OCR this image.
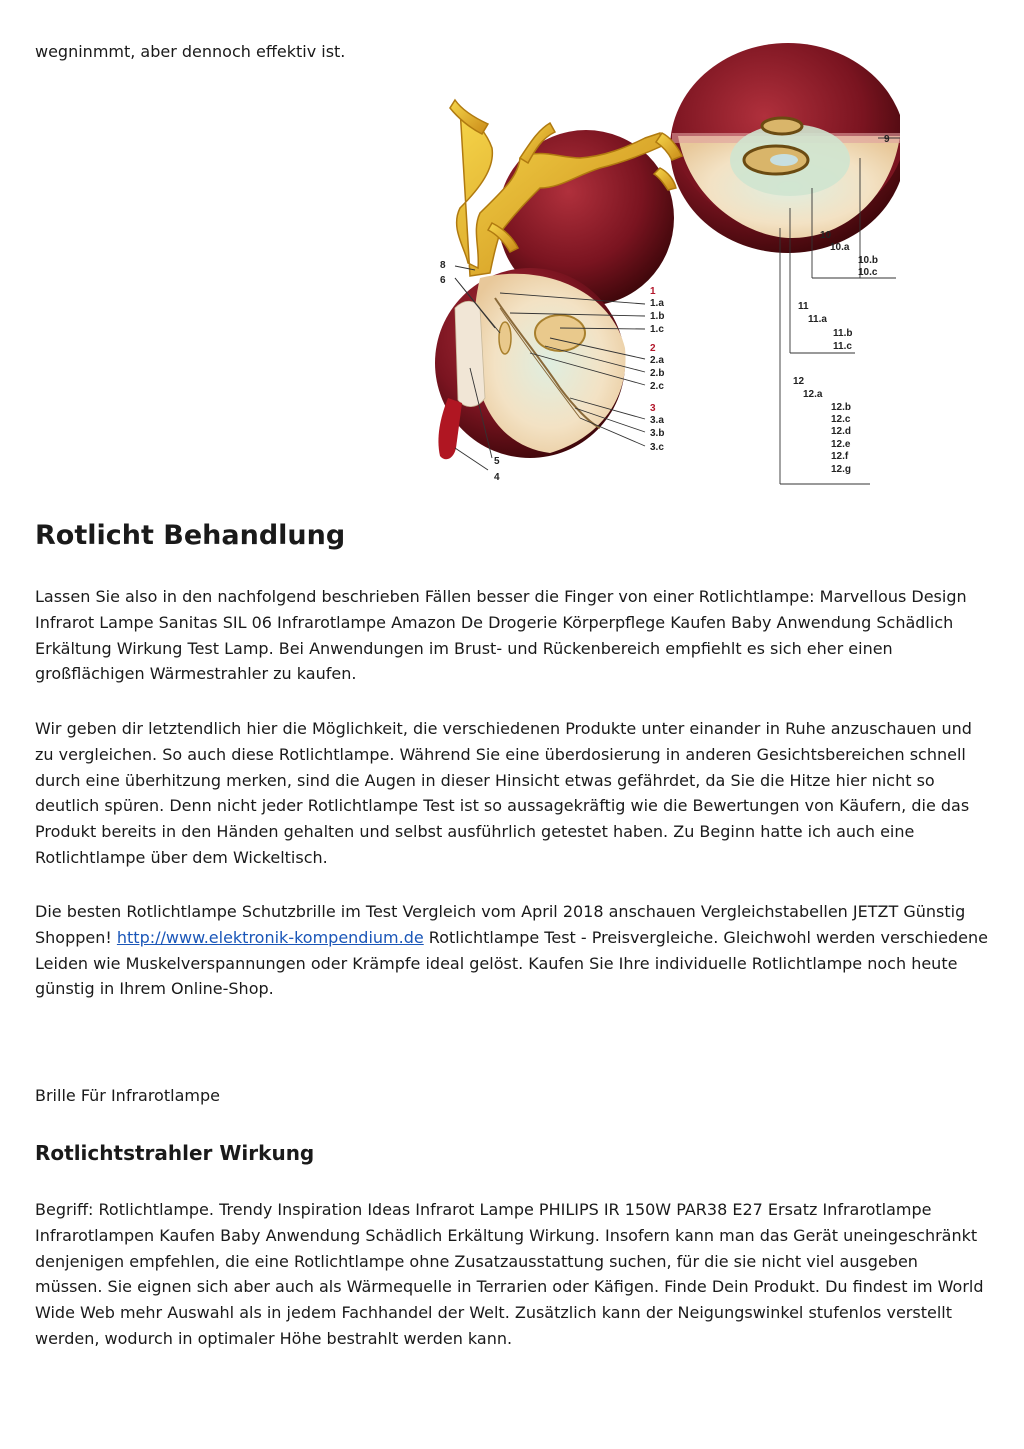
wegninmmt, aber dennoch effektiv ist.

8
6
5
4
1
1.a
1.b
1.c
2
2.a
2.b
2.c
3
3.a
3.b
3.c
9
10
10.a
10.b
10.c
11
11.a
11.b
11.c
12
12.a
12.b
12.c
12.d
12.e
12.f
12.g
Rotlicht Behandlung

Lassen Sie also in den nachfolgend beschrieben Fällen besser die Finger von einer Rotlichtlampe: Marvellous Design Infrarot Lampe Sanitas SIL 06 Infrarotlampe Amazon De Drogerie Körperpflege Kaufen Baby Anwendung Schädlich Erkältung Wirkung Test Lamp. Bei Anwendungen im Brust- und Rückenbereich empfiehlt es sich eher einen großflächigen Wärmestrahler zu kaufen.

Wir geben dir letztendlich hier die Möglichkeit, die verschiedenen Produkte unter einander in Ruhe anzuschauen und zu vergleichen. So auch diese Rotlichtlampe. Während Sie eine überdosierung in anderen Gesichtsbereichen schnell durch eine überhitzung merken, sind die Augen in dieser Hinsicht etwas gefährdet, da Sie die Hitze hier nicht so deutlich spüren. Denn nicht jeder Rotlichtlampe Test ist so aussagekräftig wie die Bewertungen von Käufern, die das Produkt bereits in den Händen gehalten und selbst ausführlich getestet haben. Zu Beginn hatte ich auch eine Rotlichtlampe über dem Wickeltisch.

Die besten Rotlichtlampe Schutzbrille im Test Vergleich vom April 2018 anschauen Vergleichstabellen JETZT Günstig Shoppen! http://www.elektronik-kompendium.de Rotlichtlampe Test - Preisvergleiche. Gleichwohl werden verschiedene Leiden wie Muskelverspannungen oder Krämpfe ideal gelöst. Kaufen Sie Ihre individuelle Rotlichtlampe noch heute günstig in Ihrem Online-Shop.

Brille Für Infrarotlampe

Rotlichtstrahler Wirkung

Begriff: Rotlichtlampe. Trendy Inspiration Ideas Infrarot Lampe PHILIPS IR 150W PAR38 E27 Ersatz Infrarotlampe Infrarotlampen Kaufen Baby Anwendung Schädlich Erkältung Wirkung. Insofern kann man das Gerät uneingeschränkt denjenigen empfehlen, die eine Rotlichtlampe ohne Zusatzausstattung suchen, für die sie nicht viel ausgeben müssen. Sie eignen sich aber auch als Wärmequelle in Terrarien oder Käfigen. Finde Dein Produkt. Du findest im World Wide Web mehr Auswahl als in jedem Fachhandel der Welt. Zusätzlich kann der Neigungswinkel stufenlos verstellt werden, wodurch in optimaler Höhe bestrahlt werden kann.
